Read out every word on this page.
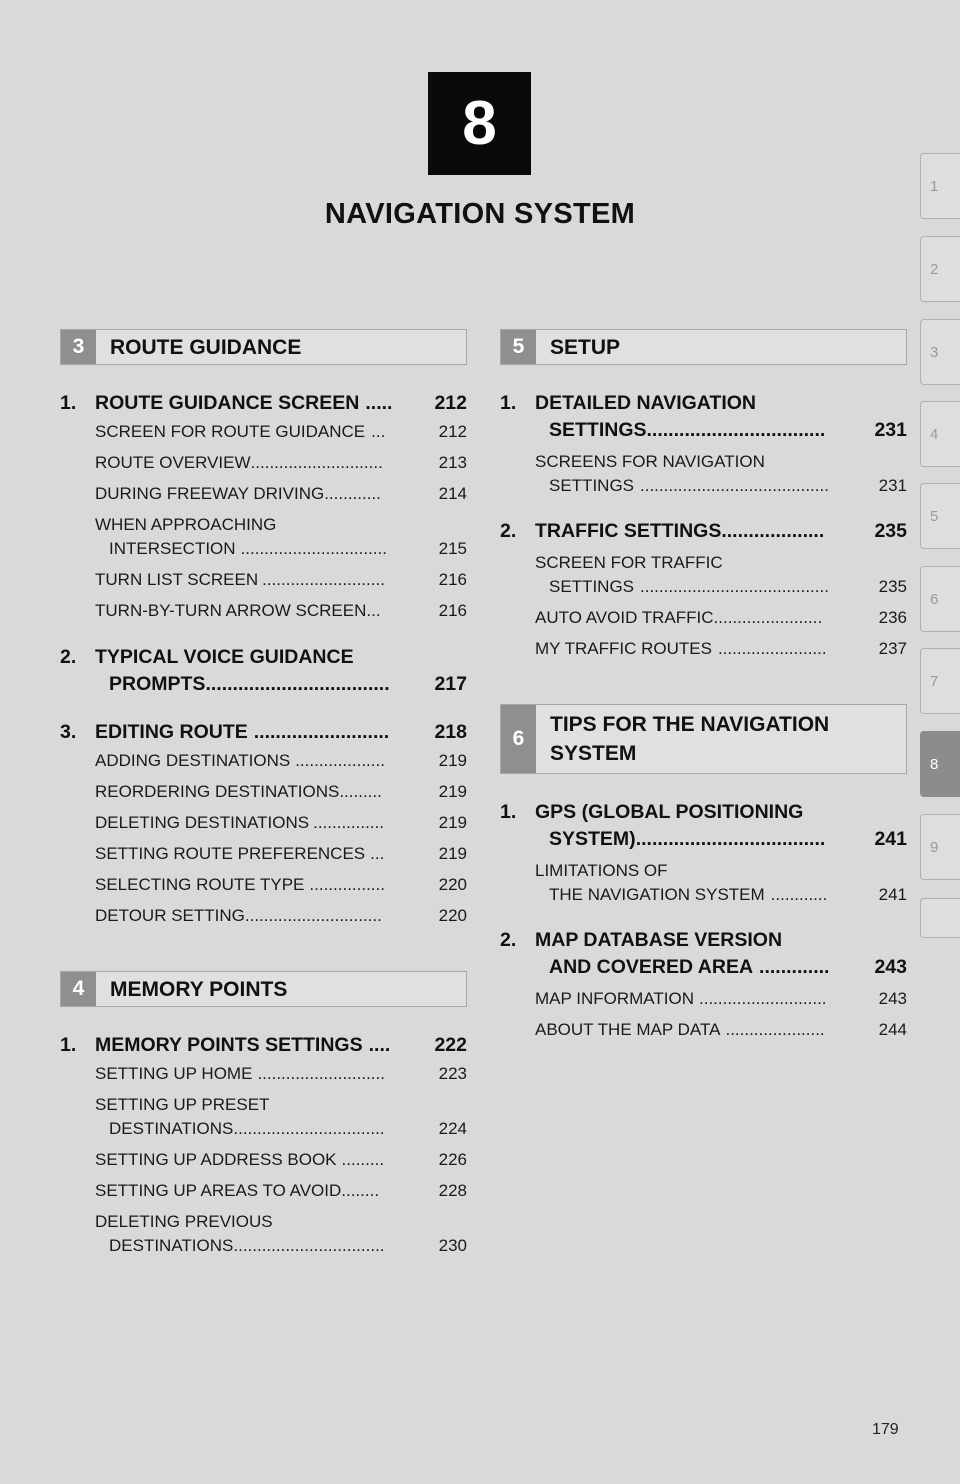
8
NAVIGATION SYSTEM
1
2
3
4
5
6
7
8
9
3	ROUTE GUIDANCE
1. ROUTE GUIDANCE SCREEN .....	212
SCREEN FOR ROUTE GUIDANCE ...	212
ROUTE OVERVIEW ............................	213
DURING FREEWAY DRIVING ............	214
WHEN APPROACHING
INTERSECTION ...............................	215
TURN LIST SCREEN ..........................	216
TURN-BY-TURN ARROW SCREEN ...	216
2. TYPICAL VOICE GUIDANCE
PROMPTS ..................................	217
3. EDITING ROUTE .........................	218
ADDING DESTINATIONS ...................	219
REORDERING DESTINATIONS .........	219
DELETING DESTINATIONS ...............	219
SETTING ROUTE PREFERENCES ...	219
SELECTING ROUTE TYPE ................	220
DETOUR SETTING .............................	220
4	MEMORY POINTS
1. MEMORY POINTS SETTINGS ....	222
SETTING UP HOME ...........................	223
SETTING UP PRESET
DESTINATIONS ................................	224
SETTING UP ADDRESS BOOK .........	226
SETTING UP AREAS TO AVOID ........	228
DELETING PREVIOUS
DESTINATIONS ................................	230
5	SETUP
1. DETAILED NAVIGATION
SETTINGS .................................	231
SCREENS FOR NAVIGATION
SETTINGS ........................................	231
2. TRAFFIC SETTINGS ...................	235
SCREEN FOR TRAFFIC
SETTINGS ........................................	235
AUTO AVOID TRAFFIC .......................	236
MY TRAFFIC ROUTES .......................	237
6
TIPS FOR THE NAVIGATION
SYSTEM
1. GPS (GLOBAL POSITIONING
SYSTEM) ...................................	241
LIMITATIONS OF
THE NAVIGATION SYSTEM ............	241
2. MAP DATABASE VERSION
AND COVERED AREA .............	243
MAP INFORMATION ...........................	243
ABOUT THE MAP DATA .....................	244
179
